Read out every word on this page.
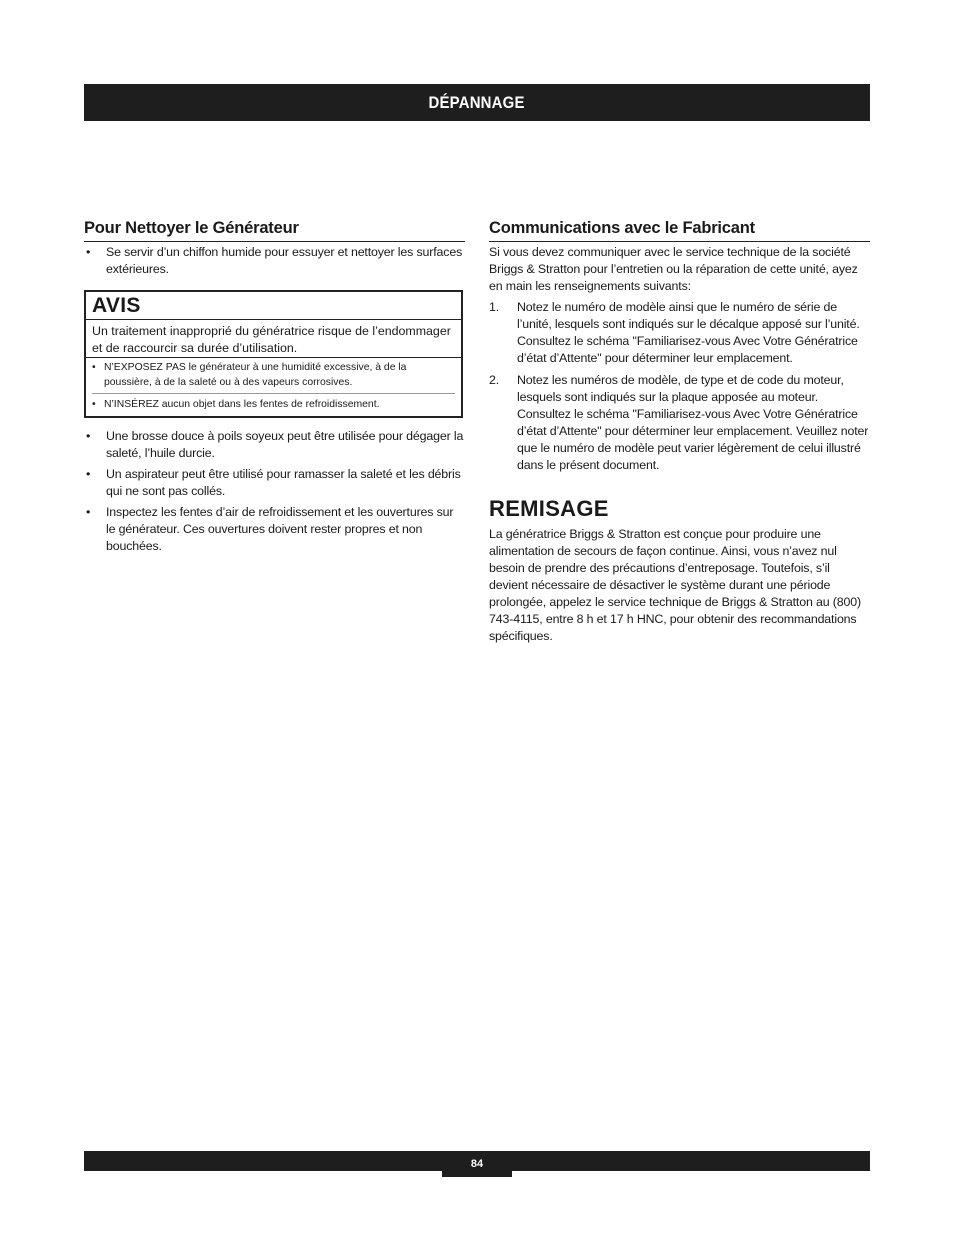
DÉPANNAGE
Pour Nettoyer le Générateur
• Se servir d’un chiffon humide pour essuyer et nettoyer les surfaces extérieures.
AVIS
Un traitement inapproprié du génératrice risque de l’endommager et de raccourcir sa durée d’utilisation.
• N’EXPOSEZ PAS le générateur à une humidité excessive, à de la poussière, à de la saleté ou à des vapeurs corrosives.
• N’INSÉREZ aucun objet dans les fentes de refroidissement.
• Une brosse douce à poils soyeux peut être utilisée pour dégager la saleté, l’huile durcie.
• Un aspirateur peut être utilisé pour ramasser la saleté et les débris qui ne sont pas collés.
• Inspectez les fentes d’air de refroidissement et les ouvertures sur le générateur. Ces ouvertures doivent rester propres et non bouchées.
Communications avec le Fabricant

Si vous devez communiquer avec le service technique de la société Briggs & Stratton pour l’entretien ou la réparation de cette unité, ayez en main les renseignements suivants:

1. Notez le numéro de modèle ainsi que le numéro de série de l’unité, lesquels sont indiqués sur le décalque apposé sur l’unité. Consultez le schéma "Familiarisez-vous Avec Votre Génératrice d’état d’Attente" pour déterminer leur emplacement.
2. Notez les numéros de modèle, de type et de code du moteur, lesquels sont indiqués sur la plaque apposée au moteur. Consultez le schéma "Familiarisez-vous Avec Votre Génératrice d’état d’Attente" pour déterminer leur emplacement. Veuillez noter que le numéro de modèle peut varier légèrement de celui illustré dans le présent document.
REMISAGE

La génératrice Briggs & Stratton est conçue pour produire une alimentation de secours de façon continue. Ainsi, vous n’avez nul besoin de prendre des précautions d’entreposage. Toutefois, s’il devient nécessaire de désactiver le système durant une période prolongée, appelez le service technique de Briggs & Stratton au (800) 743-4115, entre 8 h et 17 h HNC, pour obtenir des recommandations spécifiques.

84
